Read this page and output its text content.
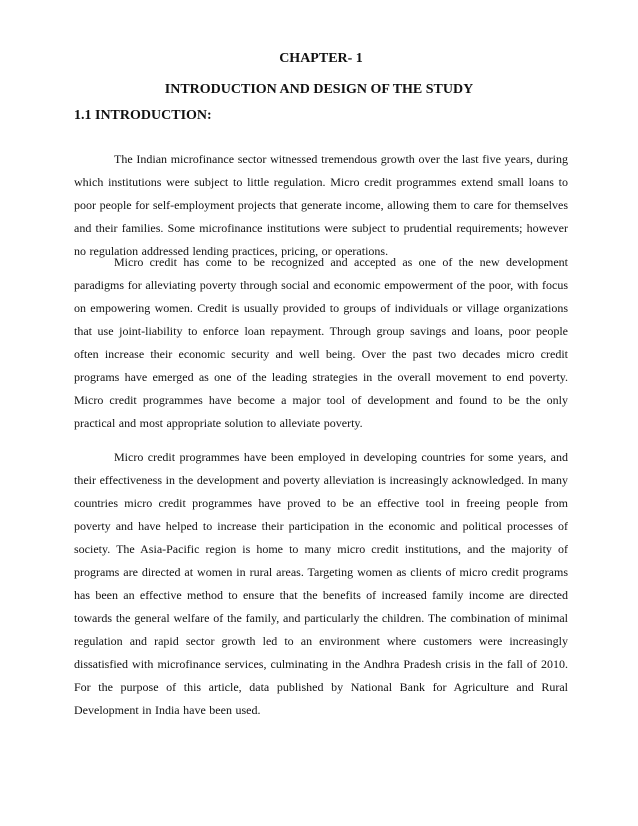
CHAPTER- 1
INTRODUCTION AND DESIGN OF THE STUDY
1.1 INTRODUCTION:

The Indian microfinance sector witnessed tremendous growth over the last five years, during which institutions were subject to little regulation. Micro credit programmes extend small loans to poor people for self-employment projects that generate income, allowing them to care for themselves and their families. Some microfinance institutions were subject to prudential requirements; however no regulation addressed lending practices, pricing, or operations.

Micro credit has come to be recognized and accepted as one of the new development paradigms for alleviating poverty through social and economic empowerment of the poor, with focus on empowering women. Credit is usually provided to groups of individuals or village organizations that use joint-liability to enforce loan repayment. Through group savings and loans, poor people often increase their economic security and well being. Over the past two decades micro credit programs have emerged as one of the leading strategies in the overall movement to end poverty. Micro credit programmes have become a major tool of development and found to be the only practical and most appropriate solution to alleviate poverty.

Micro credit programmes have been employed in developing countries for some years, and their effectiveness in the development and poverty alleviation is increasingly acknowledged. In many countries micro credit programmes have proved to be an effective tool in freeing people from poverty and have helped to increase their participation in the economic and political processes of society. The Asia-Pacific region is home to many micro credit institutions, and the majority of programs are directed at women in rural areas. Targeting women as clients of micro credit programs has been an effective method to ensure that the benefits of increased family income are directed towards the general welfare of the family, and particularly the children. The combination of minimal regulation and rapid sector growth led to an environment where customers were increasingly dissatisfied with microfinance services, culminating in the Andhra Pradesh crisis in the fall of 2010. For the purpose of this article, data published by National Bank for Agriculture and Rural Development in India have been used.
